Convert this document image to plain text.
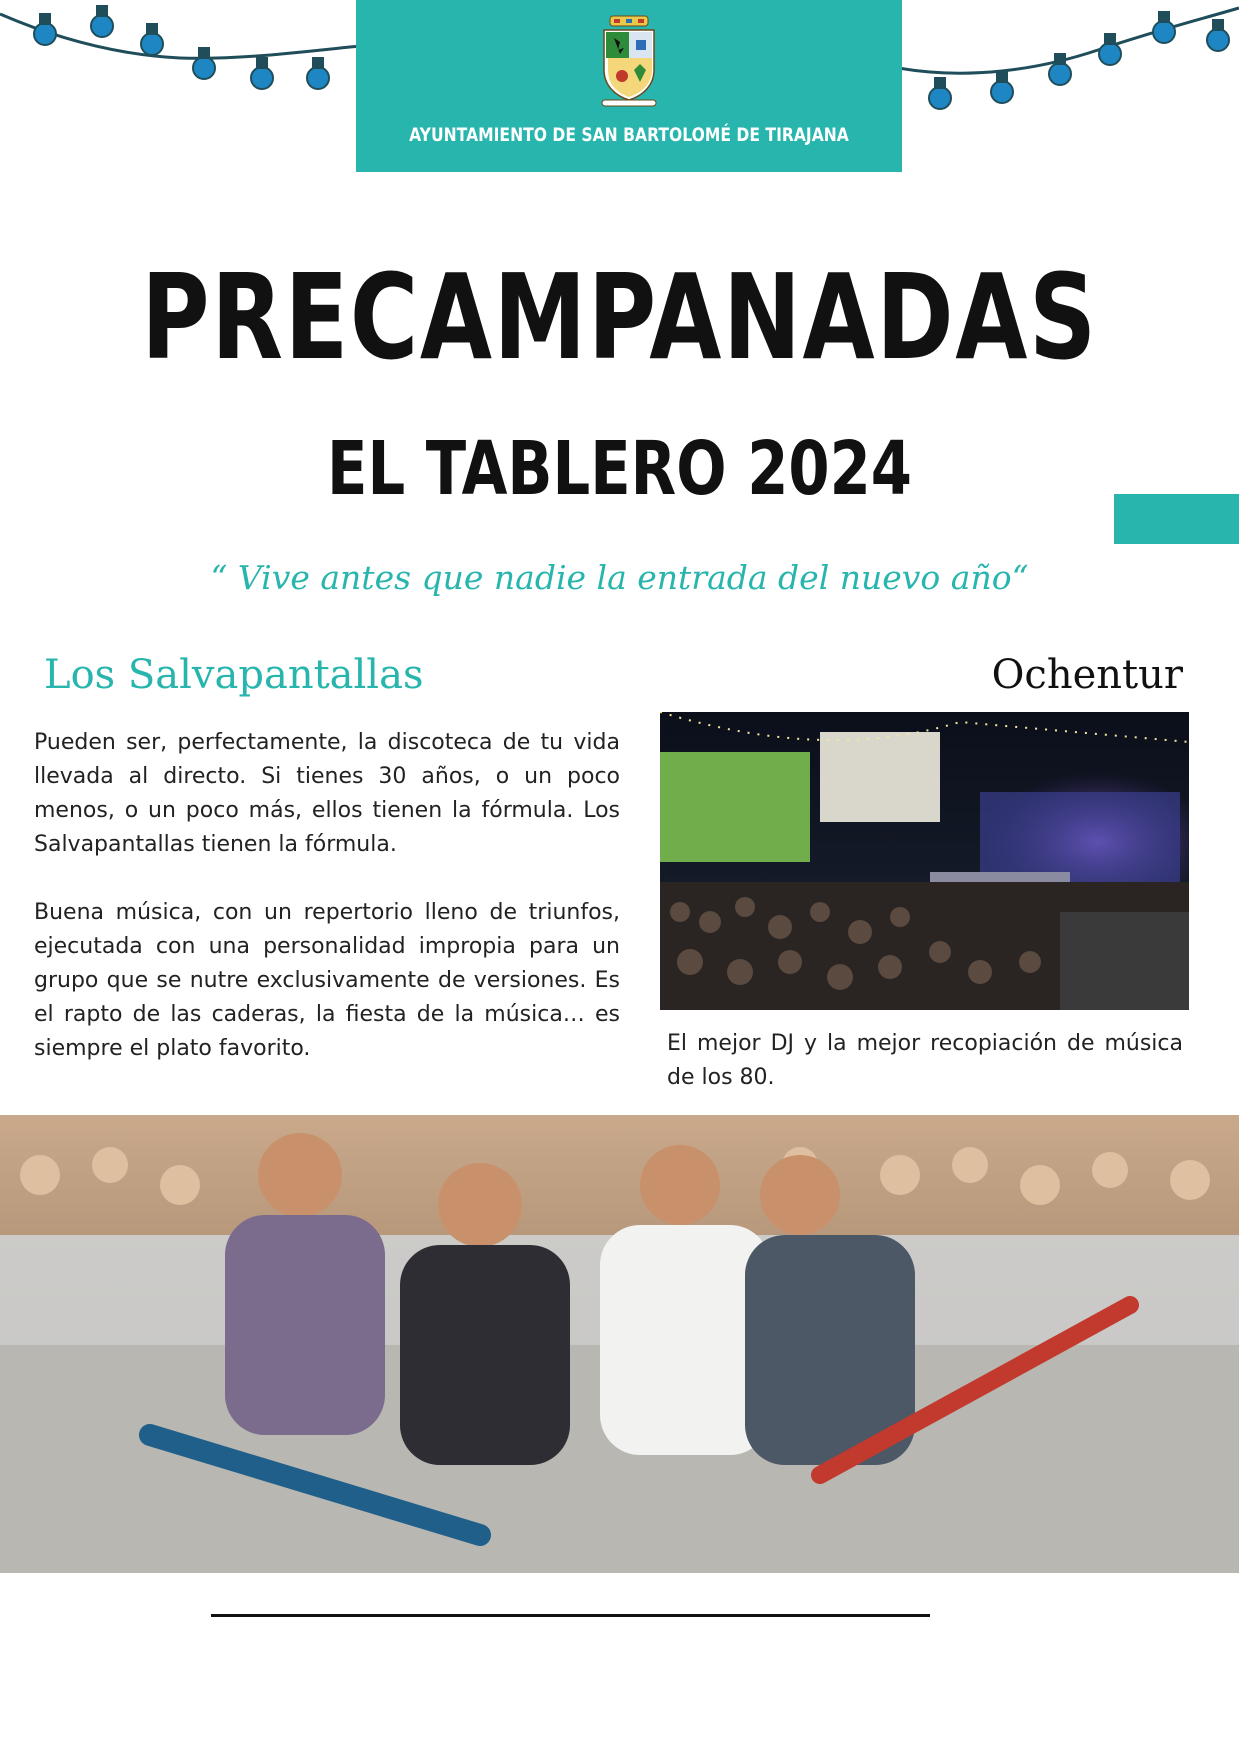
AYUNTAMIENTO DE SAN BARTOLOMÉ DE TIRAJANA
PRECAMPANADAS
EL TABLERO 2024
“ Vive antes que nadie la entrada del nuevo año“
Los Salvapantallas	Ochentur

Pueden ser, perfectamente, la discoteca de tu vida llevada al directo. Si tienes 30 años, o un poco menos, o un poco más, ellos tienen la fórmula. Los Salvapantallas tienen la fórmula.

Buena música, con un repertorio lleno de triunfos, ejecutada con una personalidad impropia para un grupo que se nutre exclusivamente de versiones. Es el rapto de las caderas, la fiesta de la música… es siempre el plato favorito.	El mejor DJ y la mejor recopiación de música de los 80.
